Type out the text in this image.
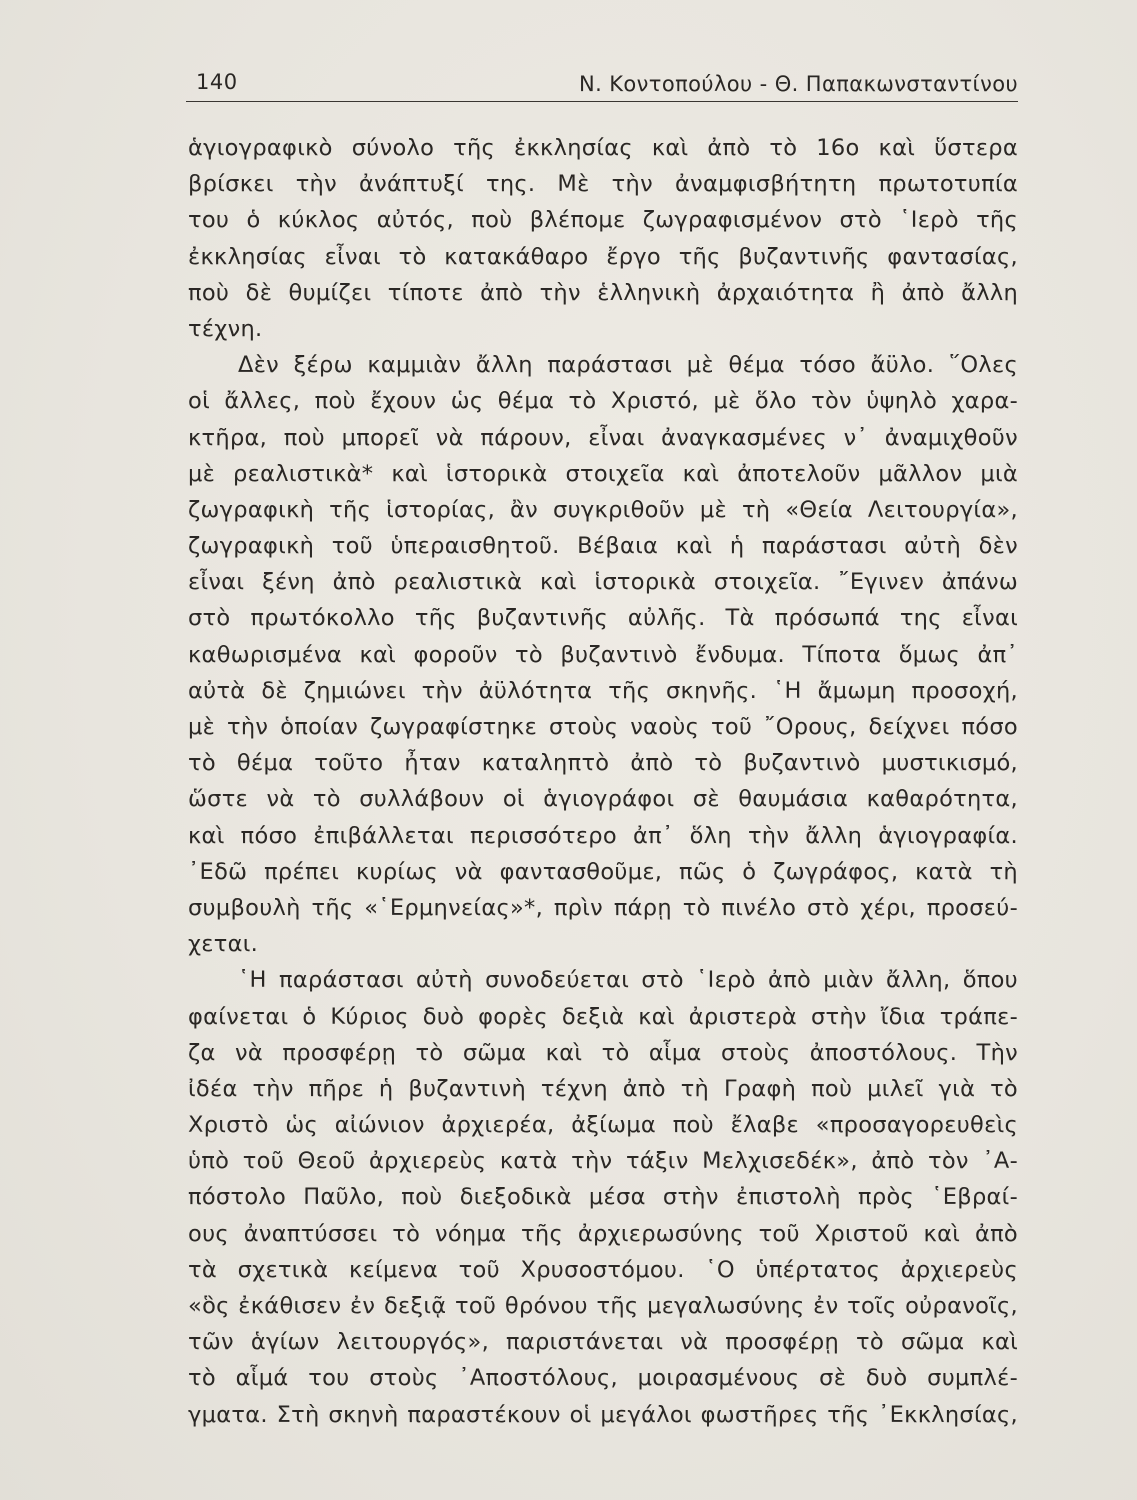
140	Ν. Κοντοπούλου - Θ. Παπακωνσταντίνου
ἁγιογραφικὸ σύνολο τῆς ἐκκλησίας καὶ ἀπὸ τὸ 16ο καὶ ὕστερα
βρίσκει τὴν ἀνάπτυξί της. Μὲ τὴν ἀναμφισβήτητη πρωτοτυπία
του ὁ κύκλος αὐτός, ποὺ βλέπομε ζωγραφισμένον στὸ ῾Ιερὸ τῆς
ἐκκλησίας εἶναι τὸ κατακάθαρο ἔργο τῆς βυζαντινῆς φαντασίας,
ποὺ δὲ θυμίζει τίποτε ἀπὸ τὴν ἑλληνικὴ ἀρχαιότητα ἢ ἀπὸ ἄλλη
τέχνη.
Δὲν ξέρω καμμιὰν ἄλλη παράστασι μὲ θέμα τόσο ἄϋλο. ῞Ολες
οἱ ἄλλες, ποὺ ἔχουν ὡς θέμα τὸ Χριστό, μὲ ὅλο τὸν ὑψηλὸ χαρα-
κτῆρα, ποὺ μπορεῖ νὰ πάρουν, εἶναι ἀναγκασμένες ν᾿ ἀναμιχθοῦν
μὲ ρεαλιστικὰ* καὶ ἱστορικὰ στοιχεῖα καὶ ἀποτελοῦν μᾶλλον μιὰ
ζωγραφικὴ τῆς ἱστορίας, ἂν συγκριθοῦν μὲ τὴ «Θεία Λειτουργία»,
ζωγραφικὴ τοῦ ὑπεραισθητοῦ. Βέβαια καὶ ἡ παράστασι αὐτὴ δὲν
εἶναι ξένη ἀπὸ ρεαλιστικὰ καὶ ἱστορικὰ στοιχεῖα. ῎Εγινεν ἀπάνω
στὸ πρωτόκολλο τῆς βυζαντινῆς αὐλῆς. Τὰ πρόσωπά της εἶναι
καθωρισμένα καὶ φοροῦν τὸ βυζαντινὸ ἔνδυμα. Τίποτα ὅμως ἀπ᾿
αὐτὰ δὲ ζημιώνει τὴν ἀϋλότητα τῆς σκηνῆς. ῾Η ἄμωμη προσοχή,
μὲ τὴν ὁποίαν ζωγραφίστηκε στοὺς ναοὺς τοῦ ῎Ορους, δείχνει πόσο
τὸ θέμα τοῦτο ἦταν καταληπτὸ ἀπὸ τὸ βυζαντινὸ μυστικισμό,
ὥστε νὰ τὸ συλλάβουν οἱ ἁγιογράφοι σὲ θαυμάσια καθαρότητα,
καὶ πόσο ἐπιβάλλεται περισσότερο ἀπ᾿ ὅλη τὴν ἄλλη ἁγιογραφία.
᾿Εδῶ πρέπει κυρίως νὰ φαντασθοῦμε, πῶς ὁ ζωγράφος, κατὰ τὴ
συμβουλὴ τῆς «῾Ερμηνείας»*, πρὶν πάρῃ τὸ πινέλο στὸ χέρι, προσεύ-
χεται.
῾Η παράστασι αὐτὴ συνοδεύεται στὸ ῾Ιερὸ ἀπὸ μιὰν ἄλλη, ὅπου
φαίνεται ὁ Κύριος δυὸ φορὲς δεξιὰ καὶ ἀριστερὰ στὴν ἴδια τράπε-
ζα νὰ προσφέρῃ τὸ σῶμα καὶ τὸ αἷμα στοὺς ἀποστόλους. Τὴν
ἰδέα τὴν πῆρε ἡ βυζαντινὴ τέχνη ἀπὸ τὴ Γραφὴ ποὺ μιλεῖ γιὰ τὸ
Χριστὸ ὡς αἰώνιον ἀρχιερέα, ἀξίωμα ποὺ ἔλαβε «προσαγορευθεὶς
ὑπὸ τοῦ Θεοῦ ἀρχιερεὺς κατὰ τὴν τάξιν Μελχισεδέκ», ἀπὸ τὸν ᾿Α-
πόστολο Παῦλο, ποὺ διεξοδικὰ μέσα στὴν ἐπιστολὴ πρὸς ῾Εβραί-
ους ἀναπτύσσει τὸ νόημα τῆς ἀρχιερωσύνης τοῦ Χριστοῦ καὶ ἀπὸ
τὰ σχετικὰ κείμενα τοῦ Χρυσοστόμου. ῾Ο ὑπέρτατος ἀρχιερεὺς
«ὃς ἐκάθισεν ἐν δεξιᾷ τοῦ θρόνου τῆς μεγαλωσύνης ἐν τοῖς οὐρανοῖς,
τῶν ἁγίων λειτουργός», παριστάνεται νὰ προσφέρῃ τὸ σῶμα καὶ
τὸ αἷμά του στοὺς ᾿Αποστόλους, μοιρασμένους σὲ δυὸ συμπλέ-
γματα. Στὴ σκηνὴ παραστέκουν οἱ μεγάλοι φωστῆρες τῆς ᾿Εκκλησίας,
